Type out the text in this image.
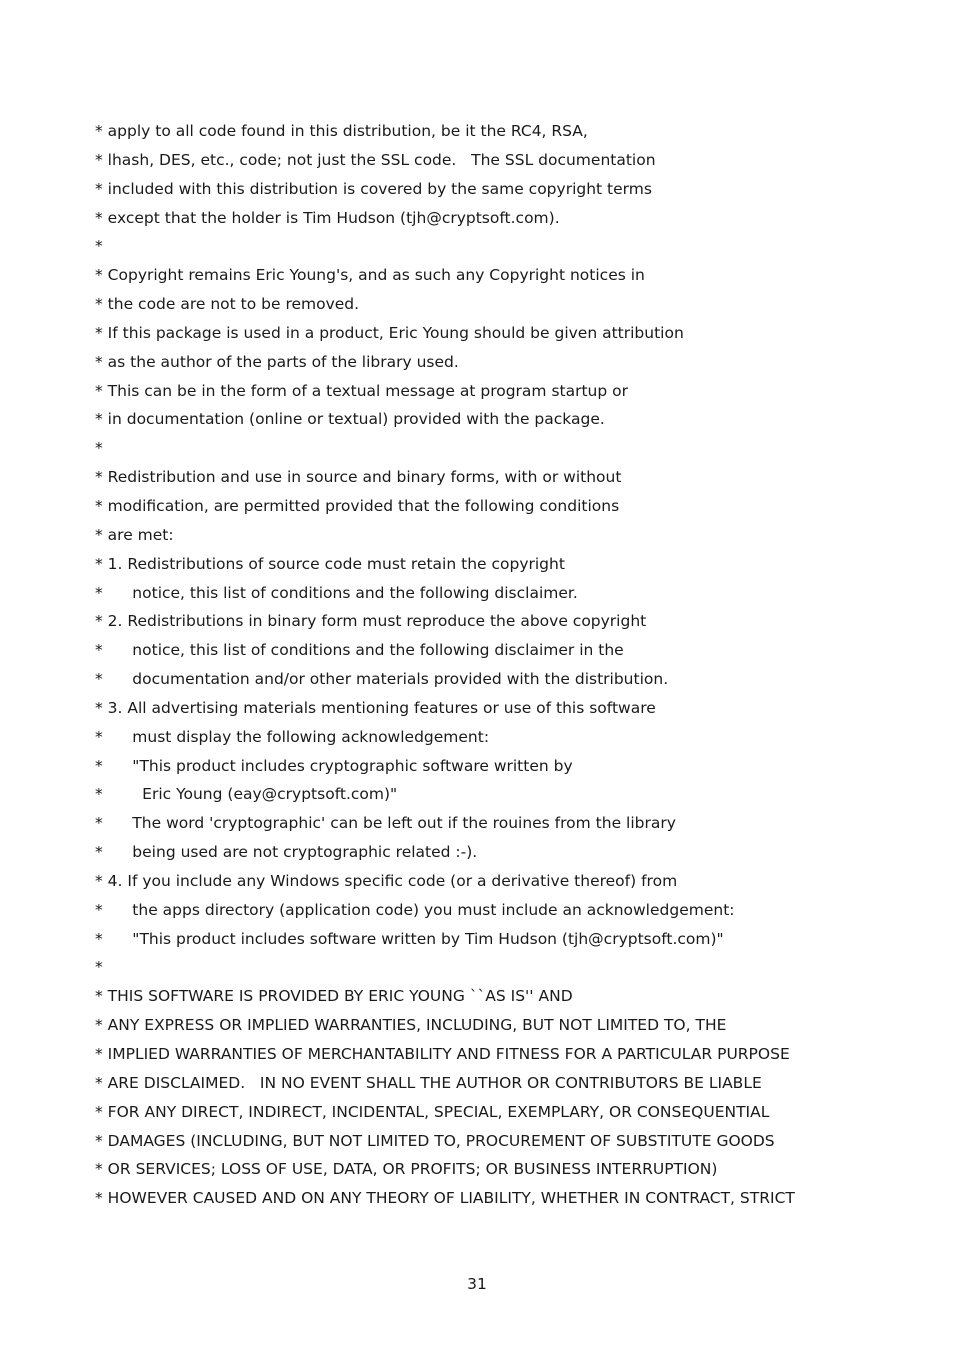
* apply to all code found in this distribution, be it the RC4, RSA,
* lhash, DES, etc., code; not just the SSL code.   The SSL documentation
* included with this distribution is covered by the same copyright terms
* except that the holder is Tim Hudson (tjh@cryptsoft.com).
*
* Copyright remains Eric Young's, and as such any Copyright notices in
* the code are not to be removed.
* If this package is used in a product, Eric Young should be given attribution
* as the author of the parts of the library used.
* This can be in the form of a textual message at program startup or
* in documentation (online or textual) provided with the package.
*
* Redistribution and use in source and binary forms, with or without
* modification, are permitted provided that the following conditions
* are met:
* 1. Redistributions of source code must retain the copyright
*      notice, this list of conditions and the following disclaimer.
* 2. Redistributions in binary form must reproduce the above copyright
*      notice, this list of conditions and the following disclaimer in the
*      documentation and/or other materials provided with the distribution.
* 3. All advertising materials mentioning features or use of this software
*      must display the following acknowledgement:
*      "This product includes cryptographic software written by
*        Eric Young (eay@cryptsoft.com)"
*      The word 'cryptographic' can be left out if the rouines from the library
*      being used are not cryptographic related :-).
* 4. If you include any Windows specific code (or a derivative thereof) from
*      the apps directory (application code) you must include an acknowledgement:
*      "This product includes software written by Tim Hudson (tjh@cryptsoft.com)"
*
* THIS SOFTWARE IS PROVIDED BY ERIC YOUNG ``AS IS'' AND
* ANY EXPRESS OR IMPLIED WARRANTIES, INCLUDING, BUT NOT LIMITED TO, THE
* IMPLIED WARRANTIES OF MERCHANTABILITY AND FITNESS FOR A PARTICULAR PURPOSE
* ARE DISCLAIMED.   IN NO EVENT SHALL THE AUTHOR OR CONTRIBUTORS BE LIABLE
* FOR ANY DIRECT, INDIRECT, INCIDENTAL, SPECIAL, EXEMPLARY, OR CONSEQUENTIAL
* DAMAGES (INCLUDING, BUT NOT LIMITED TO, PROCUREMENT OF SUBSTITUTE GOODS
* OR SERVICES; LOSS OF USE, DATA, OR PROFITS; OR BUSINESS INTERRUPTION)
* HOWEVER CAUSED AND ON ANY THEORY OF LIABILITY, WHETHER IN CONTRACT, STRICT
31
